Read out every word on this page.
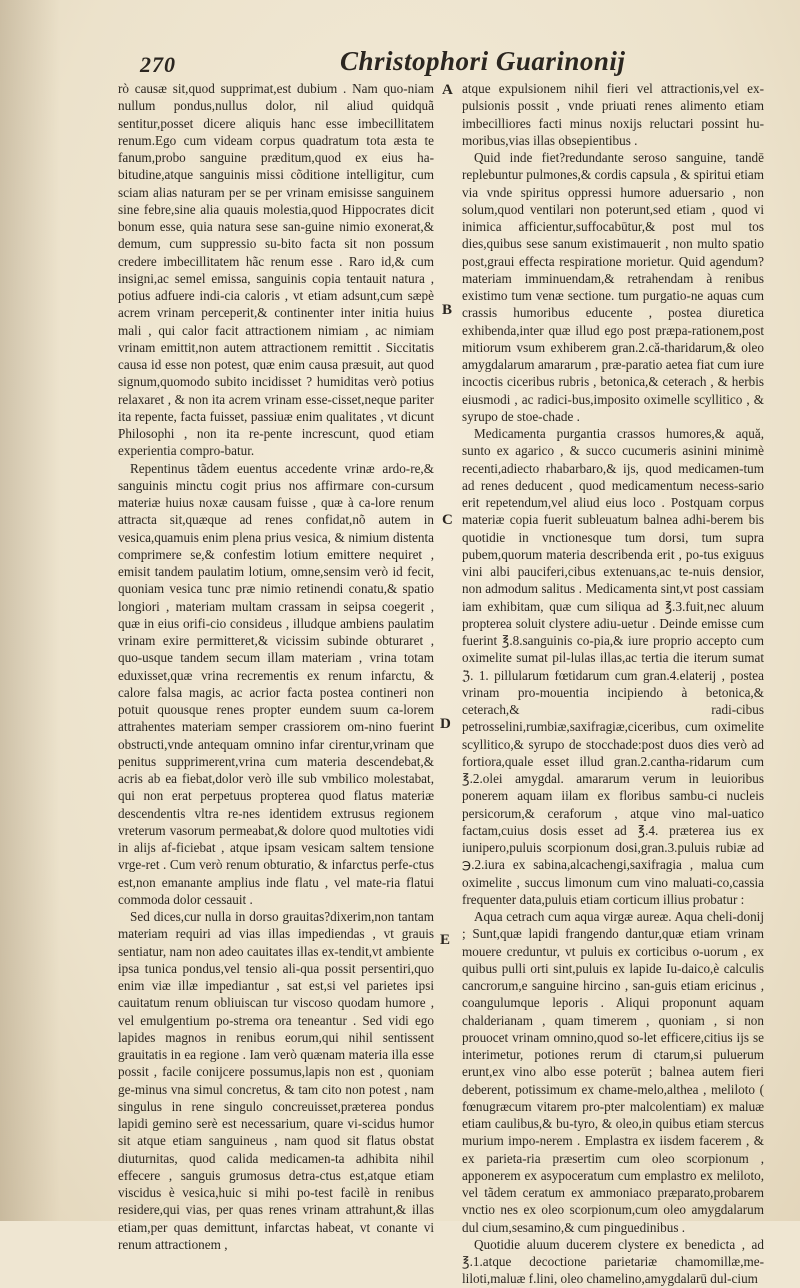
270	Christophori Guarinonij

rò causæ sit,quod supprimat,est dubium . Nam quo-niam nullum pondus,nullus dolor, nil aliud quidquã sentitur,posset dicere aliquis hanc esse imbecillitatem renum.Ego cum videam corpus quadratum tota æsta te fanum,probo sanguine præditum,quod ex eius ha-bitudine,atque sanguinis missi cõditione intelligitur, cum sciam alias naturam per se per vrinam emisisse sanguinem sine febre,sine alia quauis molestia,quod Hippocrates dicit bonum esse, quia natura sese san-guine nimio exonerat,& demum, cum suppressio su-bito facta sit non possum credere imbecillitatem hãc renum esse . Raro id,& cum insigni,ac semel emissa, sanguinis copia tentauit natura , potius adfuere indi-cia caloris , vt etiam adsunt,cum sæpè acrem vrinam perceperit,& continenter inter initia huius mali , qui calor facit attractionem nimiam , ac nimiam vrinam emittit,non autem attractionem remittit . Siccitatis causa id esse non potest, quæ enim causa præsuit, aut quod signum,quomodo subito incidisset ? humiditas verò potius relaxaret , & non ita acrem vrinam esse-cisset,neque pariter ita repente, facta fuisset, passiuæ enim qualitates , vt dicunt Philosophi , non ita re-pente increscunt, quod etiam experientia compro-batur.

Repentinus tãdem euentus accedente vrinæ ardo-re,& sanguinis minctu cogit prius nos affirmare con-cursum materiæ huius noxæ causam fuisse , quæ à ca-lore renum attracta sit,quæque ad renes confidat,nõ autem in vesica,quamuis enim plena prius vesica, & nimium distenta comprimere se,& confestim lotium emittere nequiret , emisit tandem paulatim lotium, omne,sensim verò id fecit, quoniam vesica tunc præ nimio retinendi conatu,& spatio longiori , materiam multam crassam in seipsa coegerit , quæ in eius orifi-cio consideus , illudque ambiens paulatim vrinam exire permitteret,& vicissim subinde obturaret , quo-usque tandem secum illam materiam , vrina totam eduxisset,quæ vrina recrementis ex renum infarctu, & calore falsa magis, ac acrior facta postea contineri non potuit quousque renes propter eundem suum ca-lorem attrahentes materiam semper crassiorem om-nino fuerint obstructi,vnde antequam omnino infar cirentur,vrinam que penitus supprimerent,vrina cum materia descendebat,& acris ab ea fiebat,dolor verò ille sub vmbilico molestabat, qui non erat perpetuus propterea quod flatus materiæ descendentis vltra re-nes identidem extrusus regionem vreterum vasorum permeabat,& dolore quod multoties vidi in alijs af-ficiebat , atque ipsam vesicam saltem tensione vrge-ret . Cum verò renum obturatio, & infarctus perfe-ctus est,non emanante amplius inde flatu , vel mate-ria flatui commoda dolor cessauit .

Sed dices,cur nulla in dorso grauitas?dixerim,non tantam materiam requiri ad vias illas impediendas , vt grauis sentiatur, nam non adeo cauitates illas ex-tendit,vt ambiente ipsa tunica pondus,vel tensio ali-qua possit persentiri,quo enim viæ illæ impediantur , sat est,si vel parietes ipsi cauitatum renum obliuiscan tur viscoso quodam humore , vel emulgentium po-strema ora teneantur . Sed vidi ego lapides magnos in renibus eorum,qui nihil sentissent grauitatis in ea regione . Iam verò quænam materia illa esse possit , facile conijcere possumus,lapis non est , quoniam ge-minus vna simul concretus, & tam cito non potest , nam singulus in rene singulo concreuisset,præterea pondus lapidi gemino serè est necessarium, quare vi-scidus humor sit atque etiam sanguineus , nam quod sit flatus obstat diuturnitas, quod calida medicamen-ta adhibita nihil effecere , sanguis grumosus detra-ctus est,atque etiam viscidus è vesica,huic si mihi po-test facilè in renibus residere,qui vias, per quas renes vrinam attrahunt,& illas etiam,per quas demittunt, infarctas habeat, vt conante vi renum attractionem ,

A
B
C
D
E

atque expulsionem nihil fieri vel attractionis,vel ex-pulsionis possit , vnde priuati renes alimento etiam imbecilliores facti minus noxijs reluctari possint hu-moribus,vias illas obsepientibus .

Quid inde fiet?redundante seroso sanguine, tandē replebuntur pulmones,& cordis capsula , & spiritui etiam via vnde spiritus oppressi humore aduersario , non solum,quod ventilari non poterunt,sed etiam , quod vi inimica afficientur,suffocabūtur,& post mul tos dies,quibus sese sanum existimauerit , non multo spatio post,graui effecta respiratione morietur. Quid agendum?materiam imminuendam,& retrahendam à renibus existimo tum venæ sectione. tum purgatio-ne aquas cum crassis humoribus educente , postea diuretica exhibenda,inter quæ illud ego post præpa-rationem,post mitiorum vsum exhiberem gran.2.că-tharidarum,& oleo amygdalarum amararum , præ-paratio aetea fiat cum iure incoctis ciceribus rubris , betonica,& ceterach , & herbis eiusmodi , ac radici-bus,imposito oximelle scyllitico , & syrupo de stoe-chade .

Medicamenta purgantia crassos humores,& aquă, sunto ex agarico , & succo cucumeris asinini minimè recenti,adiecto rhabarbaro,& ijs, quod medicamen-tum ad renes deducent , quod medicamentum necess-sario erit repetendum,vel aliud eius loco . Postquam corpus materiæ copia fuerit subleuatum balnea adhi-berem bis quotidie in vnctionesque tum dorsi, tum supra pubem,quorum materia describenda erit , po-tus exiguus vini albi pauciferi,cibus extenuans,ac te-nuis densior, non admodum salitus . Medicamenta sint,vt post cassiam iam exhibitam, quæ cum siliqua ad ℥.3.fuit,nec aluum propterea soluit clystere adiu-uetur . Deinde emisse cum fuerint ℥.8.sanguinis co-pia,& iure proprio accepto cum oximelite sumat pil-lulas illas,ac tertia die iterum sumat ℨ. 1. pillularum fœtidarum cum gran.4.elaterij , postea vrinam pro-mouentia incipiendo à betonica,& ceterach,& radi-cibus petrosselini,rumbiæ,saxifragiæ,ciceribus, cum oximelite scyllitico,& syrupo de stocchade:post duos dies verò ad fortiora,quale esset illud gran.2.cantha-ridarum cum ℥.2.olei amygdal. amararum verum in leuioribus ponerem aquam iilam ex floribus sambu-ci nucleis persicorum,& ceraforum , atque vino mal-uatico factam,cuius dosis esset ad ℥.4. præterea ius ex iunipero,puluis scorpionum dosi,gran.3.puluis rubiæ ad ℈.2.iura ex sabina,alcachengi,saxifragia , malua cum oximelite , succus limonum cum vino maluati-co,cassia frequenter data,puluis etiam corticum illius probatur :

Aqua cetrach cum aqua virgæ aureæ. Aqua cheli-donij ; Sunt,quæ lapidi frangendo dantur,quæ etiam vrinam mouere creduntur, vt puluis ex corticibus o-uorum , ex quibus pulli orti sint,puluis ex lapide Iu-daico,è calculis cancrorum,e sanguine hircino , san-guis etiam ericinus , coangulumque leporis . Aliqui proponunt aquam chalderianam , quam timerem , quoniam , si non prouocet vrinam omnino,quod so-let efficere,citius ijs se interimetur, potiones rerum di ctarum,si puluerum erunt,ex vino albo esse poterūt ; balnea autem fieri deberent, potissimum ex chame-melo,althea , meliloto ( fœnugræcum vitarem pro-pter malcolentiam) ex maluæ etiam caulibus,& bu-tyro, & oleo,in quibus etiam stercus murium impo-nerem . Emplastra ex iisdem facerem , & ex parieta-ria præsertim cum oleo scorpionum , apponerem ex asypoceratum cum emplastro ex meliloto, vel tãdem ceratum ex ammoniaco præparato,probarem vnctio nes ex oleo scorpionum,cum oleo amygdalarum dul cium,sesamino,& cum pinguedinibus .

Quotidie aluum ducerem clystere ex benedicta , ad ℥.1.atque decoctione parietariæ chamomillæ,me-liloti,maluæ f.lini, oleo chamelino,amygdalarū dul-cium
